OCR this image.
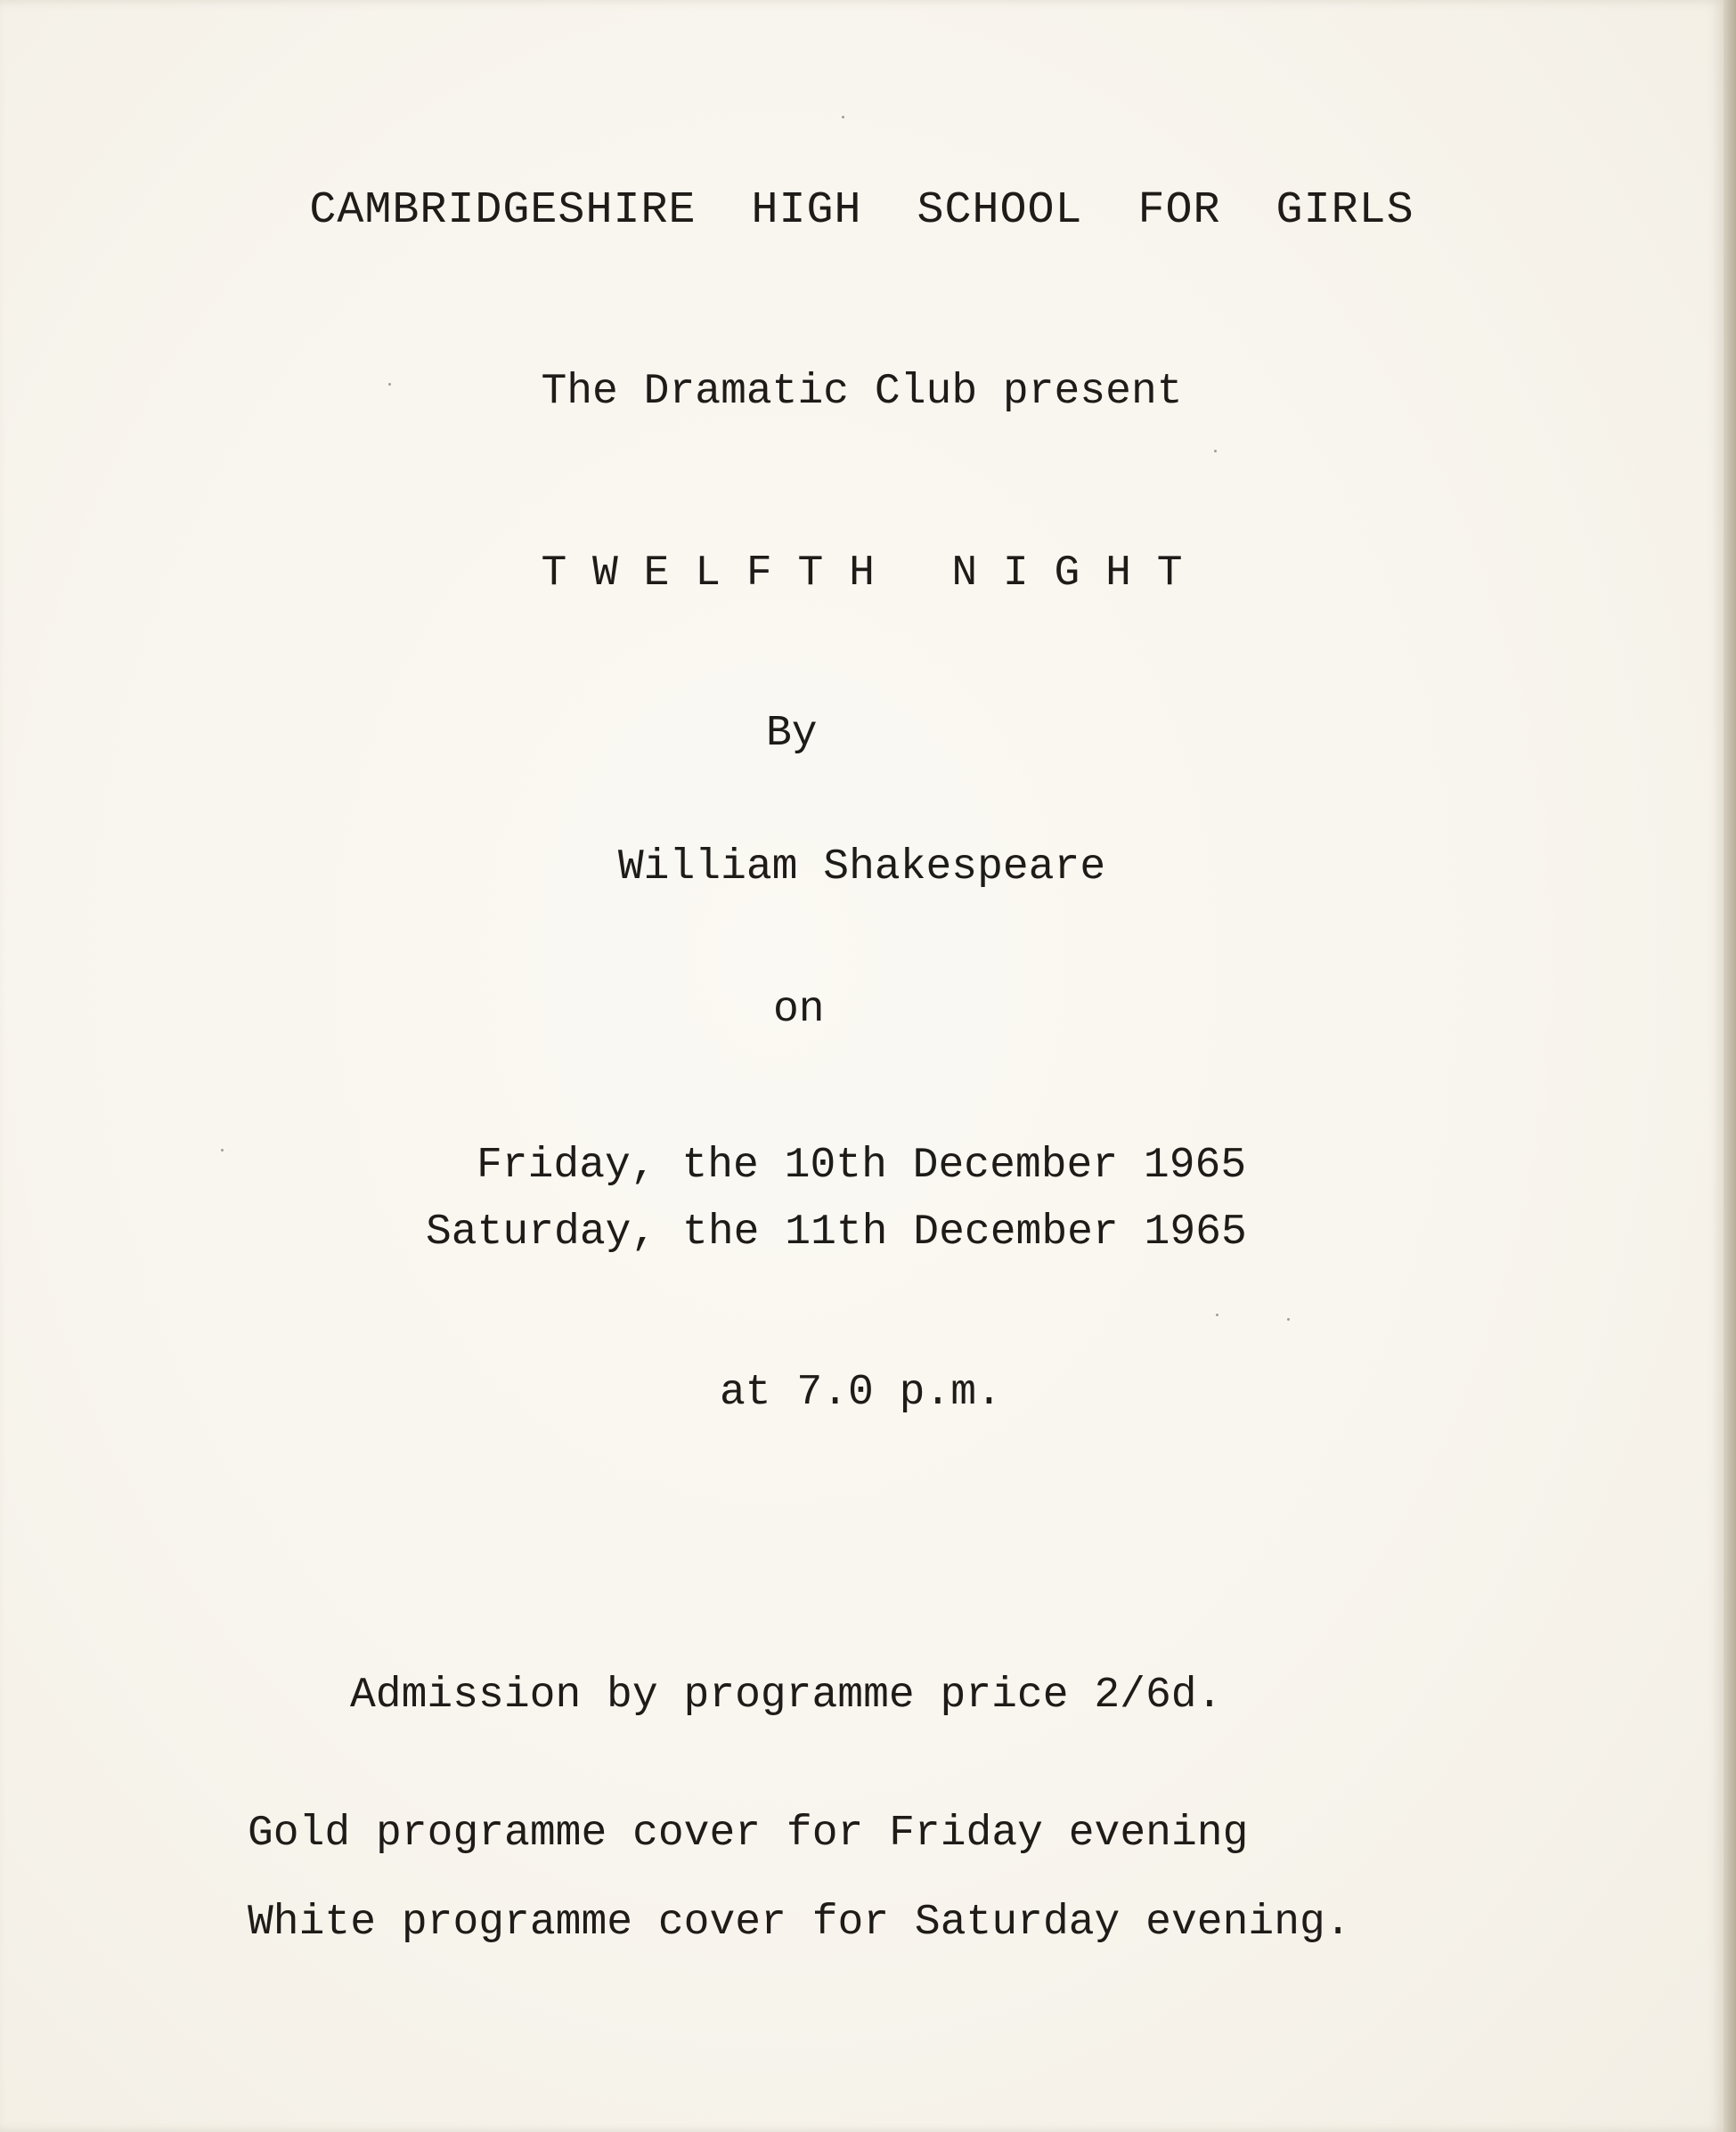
CAMBRIDGESHIRE  HIGH  SCHOOL  FOR  GIRLS
The Dramatic Club present
T W E L F T H   N I G H T
By
William Shakespeare
on
Friday, the 10th December 1965
Saturday, the 11th December 1965
at 7.0 p.m.
Admission by programme price 2/6d.
Gold programme cover for Friday evening
White programme cover for Saturday evening.
